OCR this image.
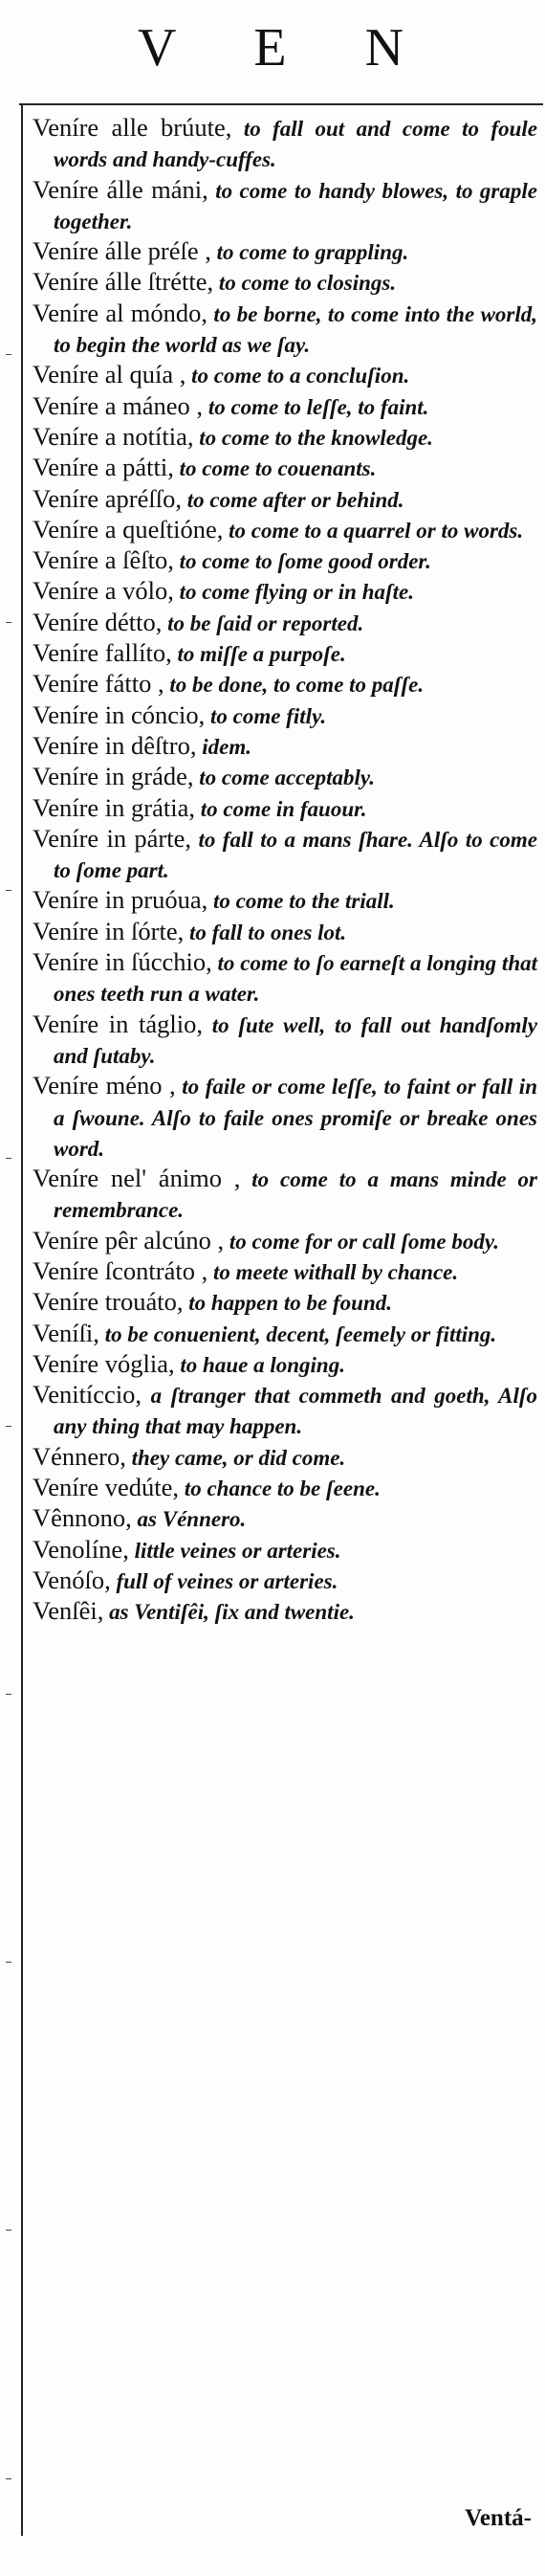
V E N
Veníre alle brúute, to fall out and come to foule words and handy-cuffes.
Veníre álle máni, to come to handy blowes, to graple together.
Veníre álle préſe , to come to grappling.
Veníre álle ſtrétte, to come to closings.
Veníre al móndo, to be borne, to come into the world, to begin the world as we ſay.
Veníre al quía , to come to a concluſion.
Veníre a máneo , to come to leſſe, to faint.
Veníre a notítia, to come to the knowledge.
Veníre a pátti, to come to couenants.
Veníre apréſſo, to come after or behind.
Veníre a queſtióne, to come to a quarrel or to words.
Veníre a ſêſto, to come to ſome good order.
Veníre a vólo, to come flying or in haſte.
Veníre détto, to be ſaid or reported.
Veníre fallíto, to miſſe a purpoſe.
Veníre fátto , to be done, to come to paſſe.
Veníre in cóncio, to come fitly.
Veníre in dêſtro, idem.
Veníre in gráde, to come acceptably.
Veníre in grátia, to come in fauour.
Veníre in párte, to fall to a mans ſhare. Alſo to come to ſome part.
Veníre in pruóua, to come to the triall.
Veníre in ſórte, to fall to ones lot.
Veníre in ſúcchio, to come to ſo earneſt a longing that ones teeth run a water.
Veníre in táglio, to ſute well, to fall out handſomly and ſutaby.
Veníre méno , to faile or come leſſe, to faint or fall in a ſwoune. Alſo to faile ones promiſe or breake ones word.
Veníre nel' ánimo , to come to a mans minde or remembrance.
Veníre pêr alcúno , to come for or call ſome body.
Veníre ſcontráto , to meete withall by chance.
Veníre trouáto, to happen to be found.
Veníſi, to be conuenient, decent, ſeemely or fitting.
Veníre vóglia, to haue a longing.
Venitíccio, a ſtranger that commeth and goeth, Alſo any thing that may happen.
Vénnero, they came, or did come.
Veníre vedúte, to chance to be ſeene.
Vênnono, as Vénnero.
Venolíne, little veines or arteries.
Venóſo, full of veines or arteries.
Venſêi, as Ventiſêi, ſix and twentie.
Ventá-
